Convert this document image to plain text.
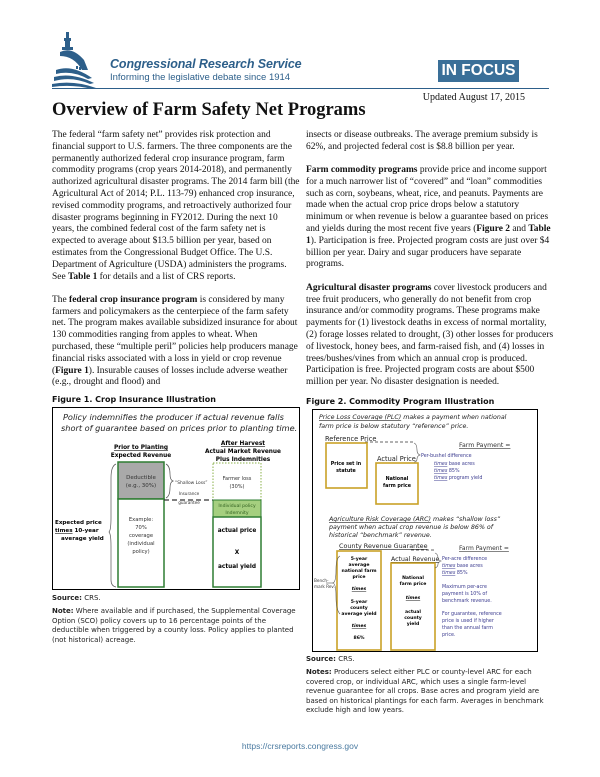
Congressional Research Service
Informing the legislative debate since 1914	IN FOCUS
Updated August 17, 2015
Overview of Farm Safety Net Programs

The federal “farm safety net” provides risk protection and financial support to U.S. farmers. The three components are the permanently authorized federal crop insurance program, farm commodity programs (crop years 2014-2018), and permanently authorized agricultural disaster programs. The 2014 farm bill (the Agricultural Act of 2014; P.L. 113-79) enhanced crop insurance, revised commodity programs, and retroactively authorized four disaster programs beginning in FY2012. During the next 10 years, the combined federal cost of the farm safety net is expected to average about $13.5 billion per year, based on estimates from the Congressional Budget Office. The U.S. Department of Agriculture (USDA) administers the programs. See Table 1 for details and a list of CRS reports.

The federal crop insurance program is considered by many farmers and policymakers as the centerpiece of the farm safety net. The program makes available subsidized insurance for about 130 commodities ranging from apples to wheat. When purchased, these “multiple peril” policies help producers manage financial risks associated with a loss in yield or crop revenue (Figure 1). Insurable causes of losses include adverse weather (e.g., drought and flood) and

Figure 1. Crop Insurance Illustration
Policy indemnifies the producer if actual revenue falls
short of guarantee based on prices prior to planting time.
Prior to Planting
Expected Revenue
After Harvest
Actual Market Revenue
Plus Indemnities
Deductible
(e.g., 30%)
Example:
70%
coverage
(individual
policy)
“Shallow Loss”
Expected price
times 10-year
average yield
Insurance
guarantee
Farmer loss
(30%)
Individual policy
Indemnity
actual price
X
actual yield
Source: CRS.
Note: Where available and if purchased, the Supplemental Coverage Option (SCO) policy covers up to 16 percentage points of the deductible when triggered by a county loss. Policy applies to planted (not historical) acreage.

insects or disease outbreaks. The average premium subsidy is 62%, and projected federal cost is $8.8 billion per year.

Farm commodity programs provide price and income support for a much narrower list of “covered” and “loan” commodities such as corn, soybeans, wheat, rice, and peanuts. Payments are made when the actual crop price drops below a statutory minimum or when revenue is below a guarantee based on prices and yields during the most recent five years (Figure 2 and Table 1). Participation is free. Projected program costs are just over $4 billion per year. Dairy and sugar producers have separate programs.

Agricultural disaster programs cover livestock producers and tree fruit producers, who generally do not benefit from crop insurance and/or commodity programs. These programs make payments for (1) livestock deaths in excess of normal mortality, (2) forage losses related to drought, (3) other losses for producers of livestock, honey bees, and farm-raised fish, and (4) losses in trees/bushes/vines from which an annual crop is produced. Participation is free. Projected program costs are about $500 million per year. No disaster designation is needed.

Figure 2. Commodity Program Illustration
Price Loss Coverage (PLC) makes a payment when national
farm price is below statutory “reference” price.
Reference Price
Price set in
statute
Actual Price
National
farm price
Farm Payment =
Per-bushel difference
times base acres
times 85%
times program yield
Agriculture Risk Coverage (ARC) makes “shallow loss”
payment when actual crop revenue is below 86% of
historical “benchmark” revenue.
County Revenue Guarantee	Farm Payment =
5-year
average
national farm
price
times
5-year
county
average yield
times
86%
Bench-
mark Rev.
Actual Revenue
National
farm price
times
actual
county
yield
Per-acre difference
times base acres
times 85%
Maximum per-acre
payment is 10% of
benchmark revenue.
For guarantee, reference
price is used if higher
than the annual farm
price.
Source: CRS.
Notes: Producers select either PLC or county-level ARC for each covered crop, or individual ARC, which uses a single farm-level revenue guarantee for all crops. Base acres and program yield are based on historical plantings for each farm. Averages in benchmark exclude high and low years.
https://crsreports.congress.gov
